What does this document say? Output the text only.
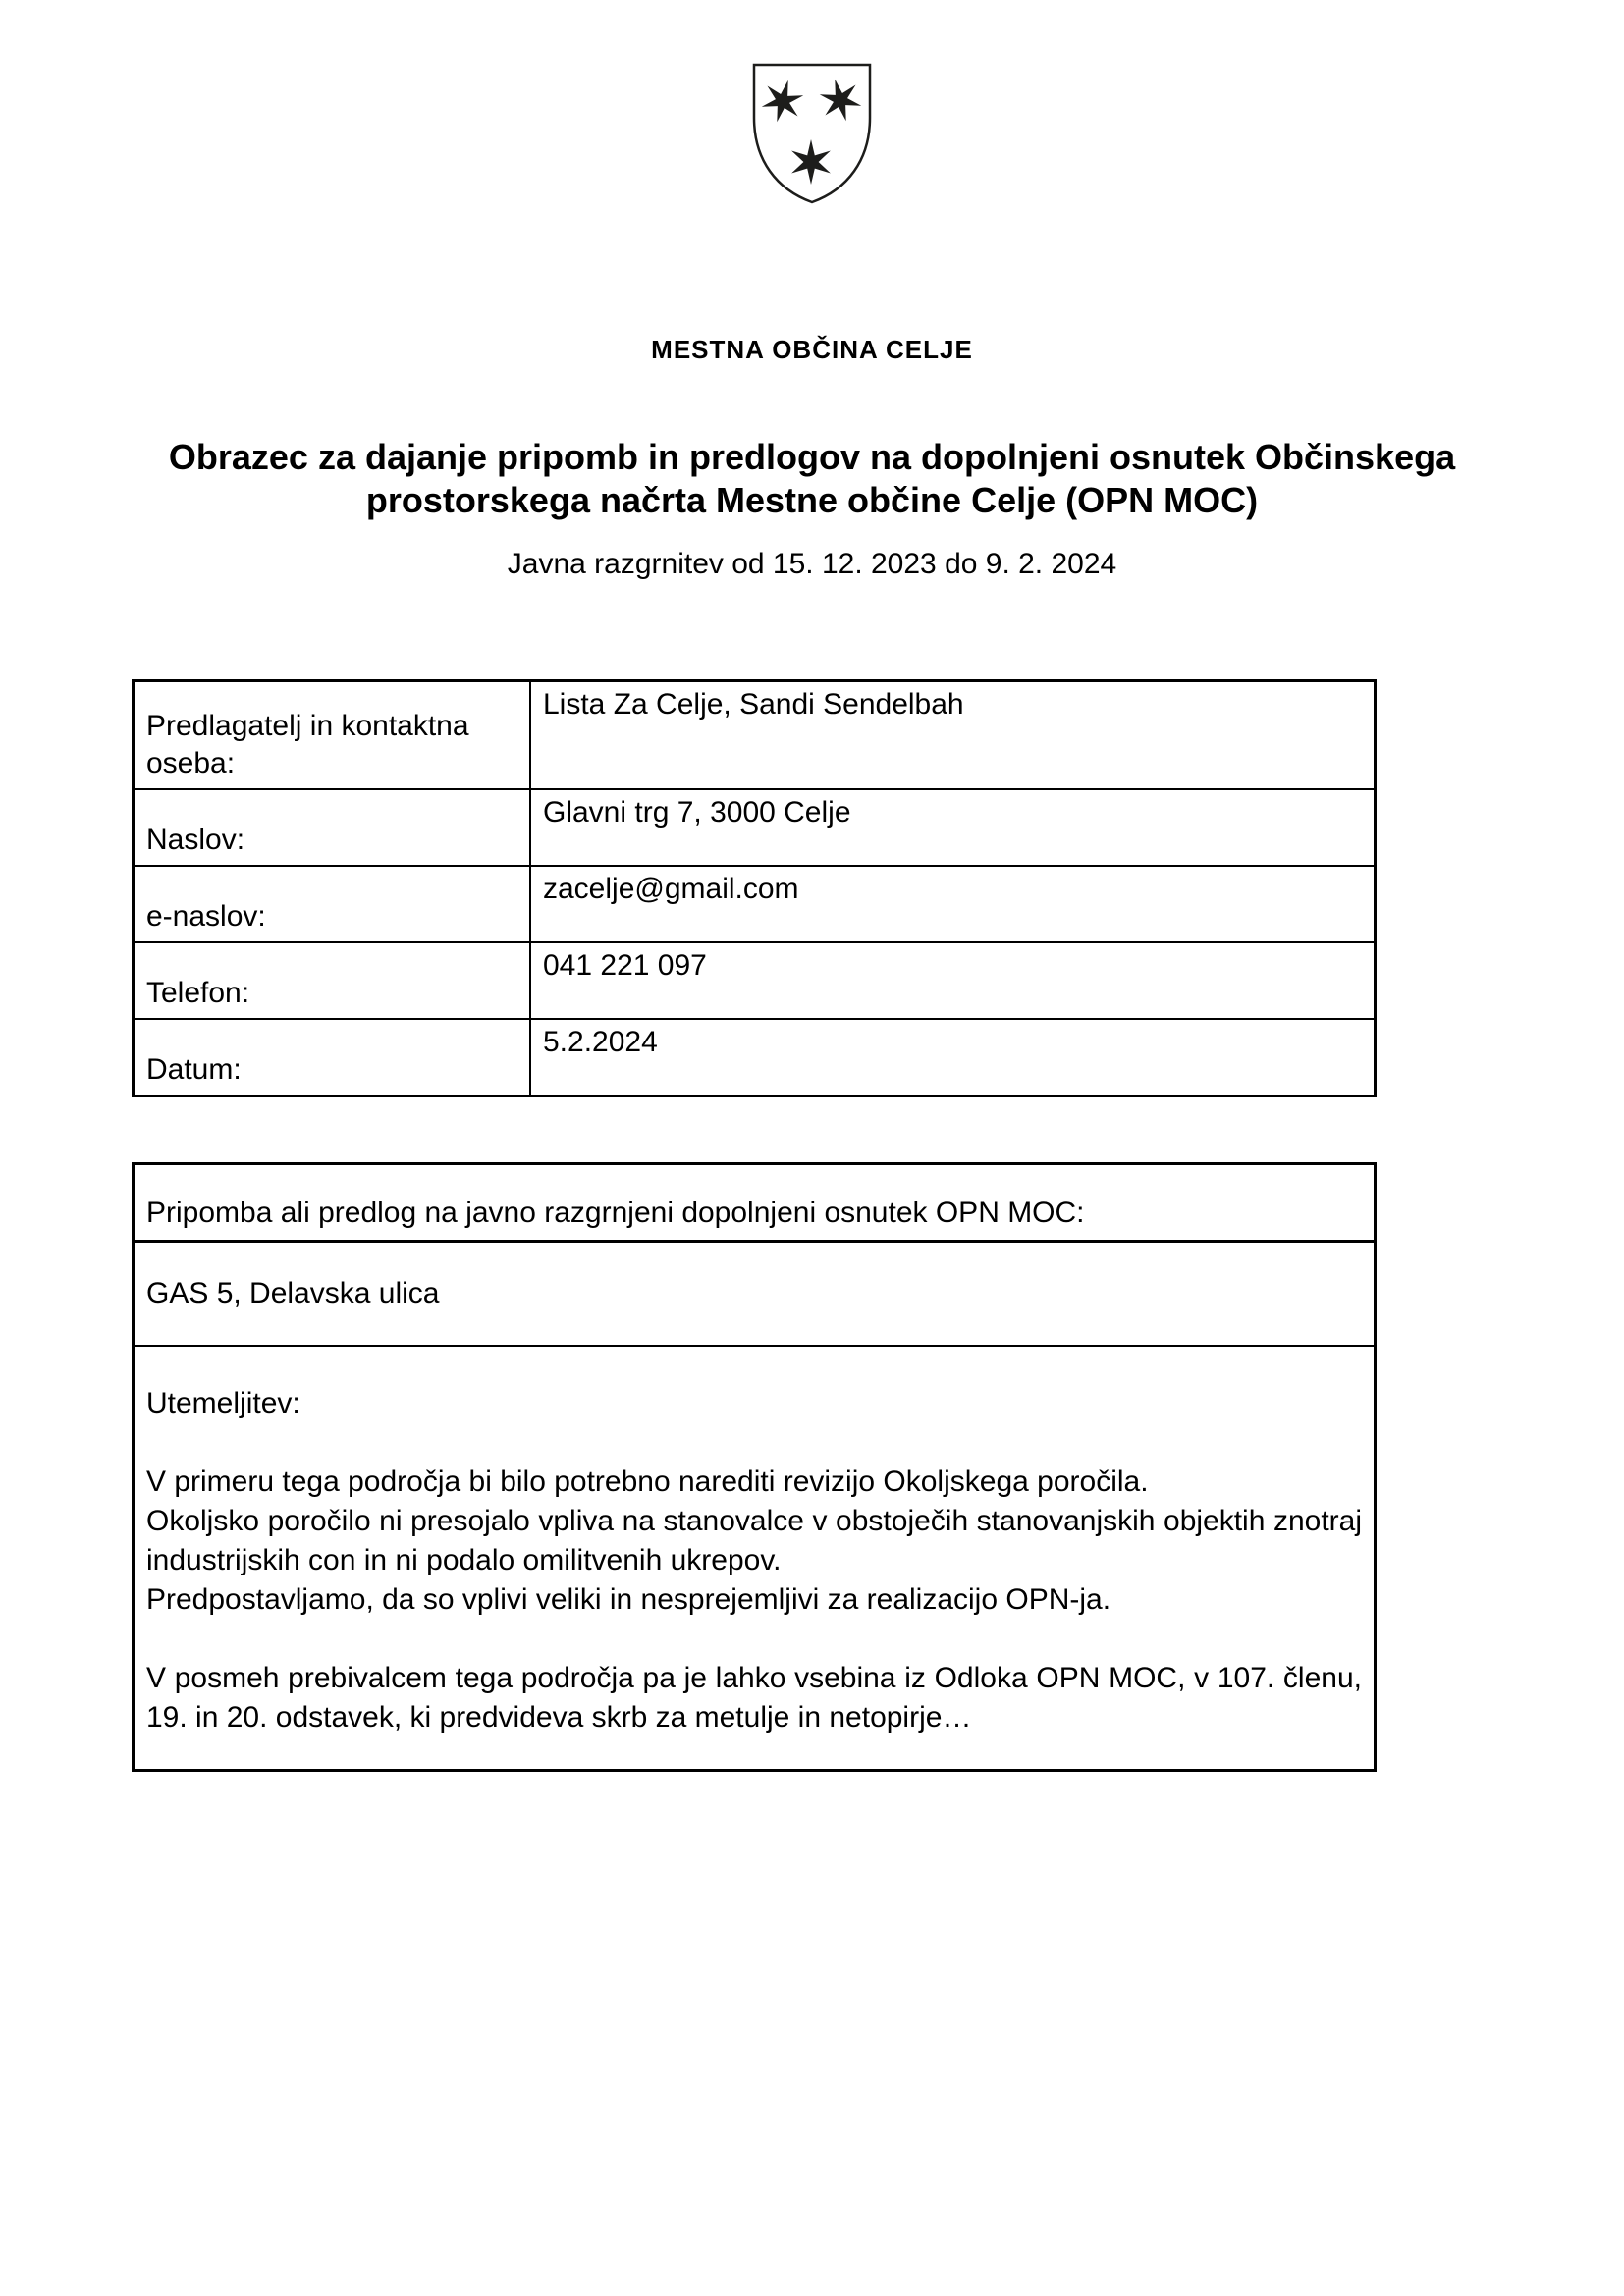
MESTNA OBČINA CELJE
Obrazec za dajanje pripomb in predlogov na dopolnjeni osnutek Občinskega prostorskega načrta Mestne občine Celje (OPN MOC)
Javna razgrnitev od 15. 12. 2023 do 9. 2. 2024
Predlagatelj in kontaktna oseba:	Lista Za Celje, Sandi Sendelbah
Naslov:	Glavni trg 7, 3000 Celje
e-naslov:	zacelje@gmail.com
Telefon:	041 221 097
Datum:	5.2.2024
Pripomba ali predlog na javno razgrnjeni dopolnjeni osnutek OPN MOC:
GAS 5, Delavska ulica

Utemeljitev:

V primeru tega področja bi bilo potrebno narediti revizijo Okoljskega poročila.

Okoljsko poročilo ni presojalo vpliva na stanovalce v obstoječih stanovanjskih objektih znotraj industrijskih con in ni podalo omilitvenih ukrepov.

Predpostavljamo, da so vplivi veliki in nesprejemljivi za realizacijo OPN-ja.

V posmeh prebivalcem tega področja pa je lahko vsebina iz Odloka OPN MOC, v 107. členu, 19. in 20. odstavek, ki predvideva skrb za metulje in netopirje…
